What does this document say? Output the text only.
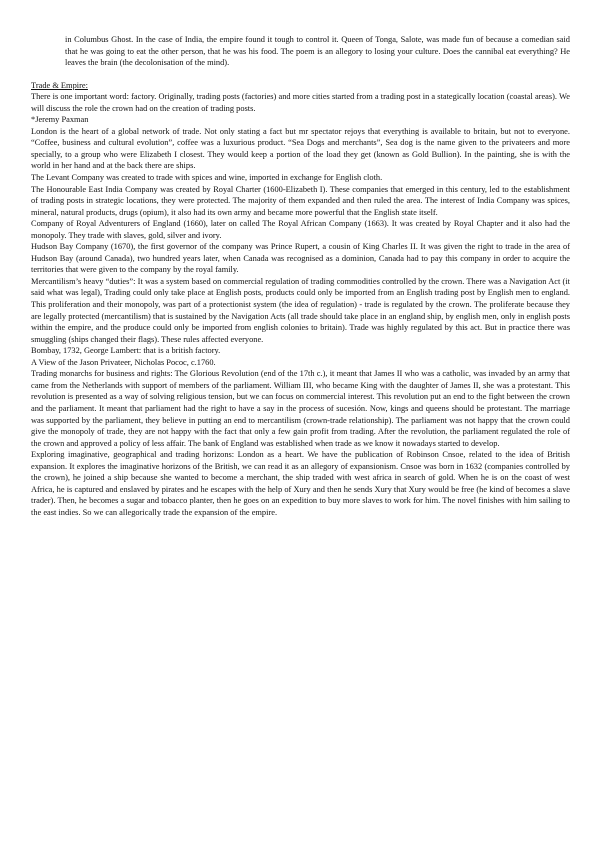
in Columbus Ghost. In the case of India, the empire found it tough to control it. Queen of Tonga, Salote, was made fun of because a comedian said that he was going to eat the other person, that he was his food. The poem is an allegory to losing your culture. Does the cannibal eat everything? He leaves the brain (the decolonisation of the mind).

Trade & Empire:

There is one important word: factory. Originally, trading posts (factories) and more cities started from a trading post in a stategically location (coastal areas). We will discuss the role the crown had on the creation of trading posts.

*Jeremy Paxman

London is the heart of a global network of trade. Not only stating a fact but mr spectator rejoys that everything is available to britain, but not to everyone. “Coffee, business and cultural evolution”, coffee was a luxurious product. “Sea Dogs and merchants”, Sea dog is the name given to the privateers and more specially, to a group who were Elizabeth I closest. They would keep a portion of the load they get (known as Gold Bullion). In the painting, she is with the world in her hand and at the back there are ships.

The Levant Company was created to trade with spices and wine, imported in exchange for English cloth.

The Honourable East India Company was created by Royal Charter (1600-Elizabeth I). These companies that emerged in this century, led to the establishment of trading posts in strategic locations, they were protected. The majority of them expanded and then ruled the area. The interest of India Company was spices, mineral, natural products, drugs (opium), it also had its own army and became more powerful that the English state itself.

Company of Royal Adventurers of England (1660), later on called The Royal African Company (1663). It was created by Royal Chapter and it also had the monopoly. They trade with slaves, gold, silver and ivory.

Hudson Bay Company (1670), the first governor of the company was Prince Rupert, a cousin of King Charles II. It was given the right to trade in the area of Hudson Bay (around Canada), two hundred years later, when Canada was recognised as a dominion, Canada had to pay this company in order to acquire the territories that were given to the company by the royal family.

Mercantilism’s heavy “duties”: It was a system based on commercial regulation of trading commodities controlled by the crown. There was a Navigation Act (it said what was legal), Trading could only take place at English posts, products could only be imported from an English trading post by English men to england. This proliferation and their monopoly, was part of a protectionist system (the idea of regulation) - trade is regulated by the crown. The proliferate because they are legally protected (mercantilism) that is sustained by the Navigation Acts (all trade should take place in an england ship, by english men, only in english posts within the empire, and the produce could only be imported from english colonies to britain). Trade was highly regulated by this act. But in practice there was smuggling (ships changed their flags). These rules affected everyone.

Bombay, 1732, George Lambert: that is a british factory.

A View of the Jason Privateer, Nicholas Pococ, c.1760.

Trading monarchs for business and rights: The Glorious Revolution (end of the 17th c.), it meant that James II who was a catholic, was invaded by an army that came from the Netherlands with support of members of the parliament. William III, who became King with the daughter of James II, she was a protestant. This revolution is presented as a way of solving religious tension, but we can focus on commercial interest. This revolution put an end to the fight between the crown and the parliament. It meant that parliament had the right to have a say in the process of sucesión. Now, kings and queens should be protestant. The marriage was supported by the parliament, they believe in putting an end to mercantilism (crown-trade relationship). The parliament was not happy that the crown could give the monopoly of trade, they are not happy with the fact that only a few gain profit from trading. After the revolution, the parliament regulated the role of the crown and approved a policy of less affair. The bank of England was established when trade as we know it nowadays started to develop.

Exploring imaginative, geographical and trading horizons: London as a heart. We have the publication of Robinson Cnsoe, related to the idea of British expansion. It explores the imaginative horizons of the British, we can read it as an allegory of expansionism. Cnsoe was born in 1632 (companies controlled by the crown), he joined a ship because she wanted to become a merchant, the ship traded with west africa in search of gold. When he is on the coast of west Africa, he is captured and enslaved by pirates and he escapes with the help of Xury and then he sends Xury that Xury would be free (he kind of becomes a slave trader). Then, he becomes a sugar and tobacco planter, then he goes on an expedition to buy more slaves to work for him. The novel finishes with him sailing to the east indies. So we can allegorically trade the expansion of the empire.
